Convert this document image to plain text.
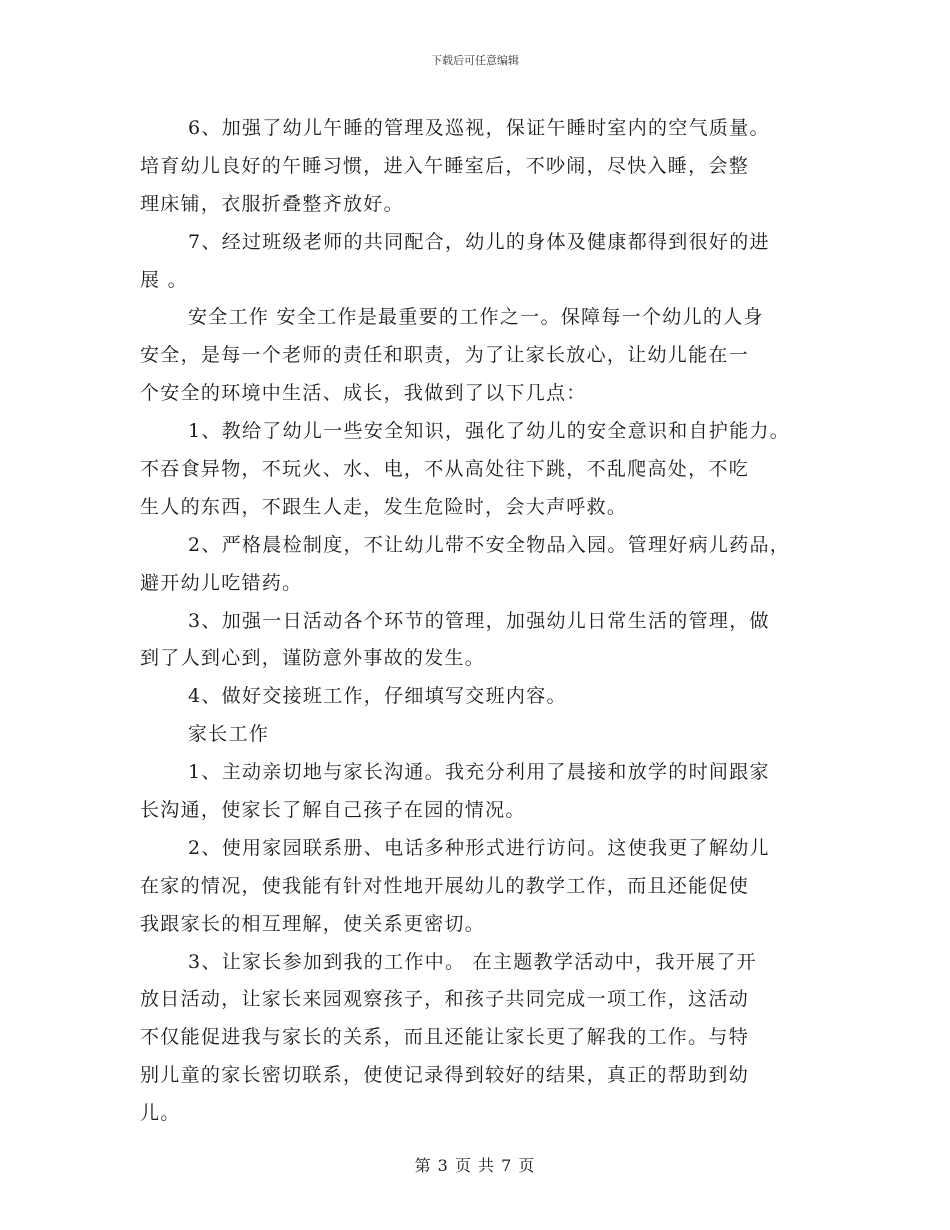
下载后可任意编辑
6、加强了幼儿午睡的管理及巡视，保证午睡时室内的空气质量。
培育幼儿良好的午睡习惯，进入午睡室后，不吵闹，尽快入睡，会整
理床铺，衣服折叠整齐放好。
7、经过班级老师的共同配合，幼儿的身体及健康都得到很好的进
展 。
安全工作 安全工作是最重要的工作之一。保障每一个幼儿的人身
安全，是每一个老师的责任和职责，为了让家长放心，让幼儿能在一
个安全的环境中生活、成长，我做到了以下几点：
1、教给了幼儿一些安全知识，强化了幼儿的安全意识和自护能力。
不吞食异物，不玩火、水、电，不从高处往下跳，不乱爬高处，不吃
生人的东西，不跟生人走，发生危险时，会大声呼救。
2、严格晨检制度，不让幼儿带不安全物品入园。管理好病儿药品，
避开幼儿吃错药。
3、加强一日活动各个环节的管理，加强幼儿日常生活的管理，做
到了人到心到，谨防意外事故的发生。
4、做好交接班工作，仔细填写交班内容。
家长工作
1、主动亲切地与家长沟通。我充分利用了晨接和放学的时间跟家
长沟通，使家长了解自己孩子在园的情况。
2、使用家园联系册、电话多种形式进行访问。这使我更了解幼儿
在家的情况，使我能有针对性地开展幼儿的教学工作，而且还能促使
我跟家长的相互理解，使关系更密切。
3、让家长参加到我的工作中。 在主题教学活动中，我开展了开
放日活动，让家长来园观察孩子，和孩子共同完成一项工作，这活动
不仅能促进我与家长的关系，而且还能让家长更了解我的工作。与特
别儿童的家长密切联系，使使记录得到较好的结果，真正的帮助到幼
儿。
第 3 页 共 7 页
